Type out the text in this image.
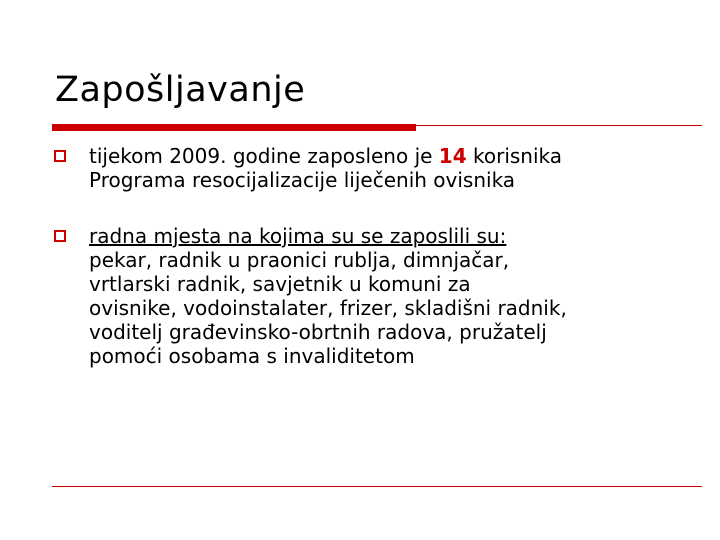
Zapošljavanje
tijekom 2009. godine zaposleno je 14 korisnika
Programa resocijalizacije liječenih ovisnika
radna mjesta na kojima su se zaposlili su:
pekar, radnik u praonici rublja, dimnjačar,
vrtlarski radnik, savjetnik u komuni za
ovisnike, vodoinstalater, frizer, skladišni radnik,
voditelj građevinsko-obrtnih radova, pružatelj
pomoći osobama s invaliditetom
